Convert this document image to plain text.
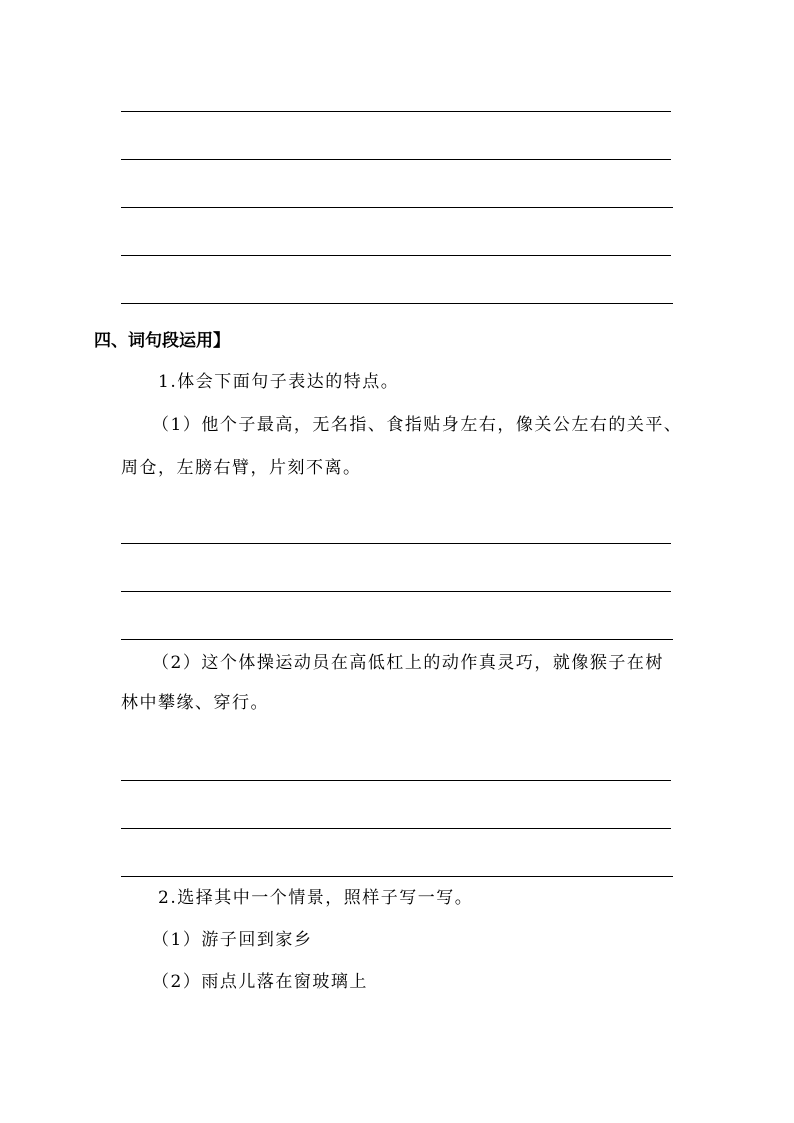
四、词句段运用】
1.体会下面句子表达的特点。
（1）他个子最高，无名指、食指贴身左右，像关公左右的关平、
周仓，左膀右臂，片刻不离。
（2）这个体操运动员在高低杠上的动作真灵巧，就像猴子在树
林中攀缘、穿行。
2.选择其中一个情景，照样子写一写。
（1）游子回到家乡
（2）雨点儿落在窗玻璃上
